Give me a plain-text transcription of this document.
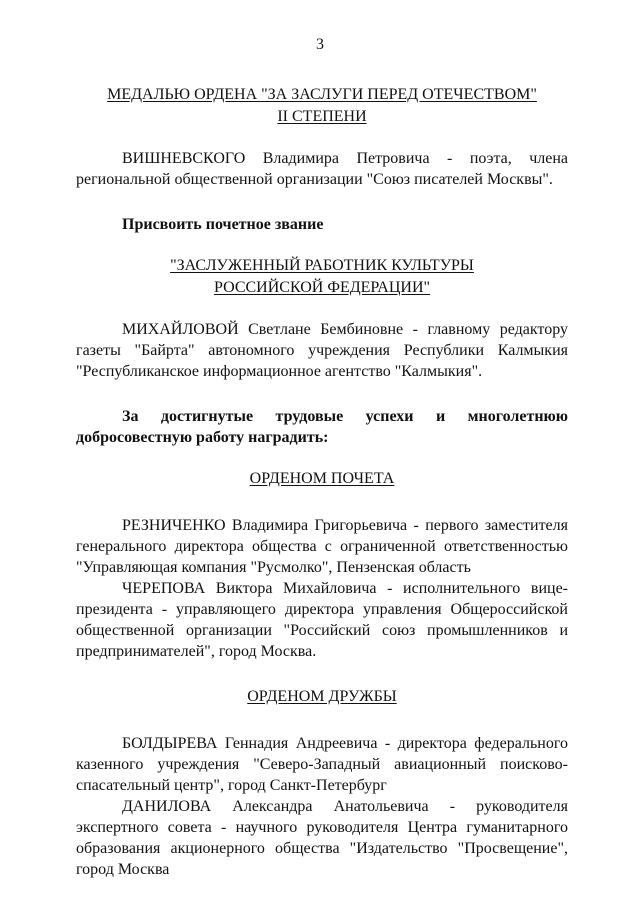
3
МЕДАЛЬЮ ОРДЕНА "ЗА ЗАСЛУГИ ПЕРЕД ОТЕЧЕСТВОМ"
II СТЕПЕНИ

ВИШНЕВСКОГО Владимира Петровича - поэта, члена региональной общественной организации "Союз писателей Москвы".

Присвоить почетное звание

"ЗАСЛУЖЕННЫЙ РАБОТНИК КУЛЬТУРЫ
РОССИЙСКОЙ ФЕДЕРАЦИИ"

МИХАЙЛОВОЙ Светлане Бембиновне - главному редактору газеты "Байрта" автономного учреждения Республики Калмыкия "Республиканское информационное агентство "Калмыкия".

За достигнутые трудовые успехи и многолетнюю

добросовестную работу наградить:

ОРДЕНОМ ПОЧЕТА

РЕЗНИЧЕНКО Владимира Григорьевича - первого заместителя генерального директора общества с ограниченной ответственностью "Управляющая компания "Русмолко", Пензенская область

ЧЕРЕПОВА Виктора Михайловича - исполнительного вице-президента - управляющего директора управления Общероссийской общественной организации "Российский союз промышленников и предпринимателей", город Москва.

ОРДЕНОМ ДРУЖБЫ

БОЛДЫРЕВА Геннадия Андреевича - директора федерального казенного учреждения "Северо-Западный авиационный поисково-спасательный центр", город Санкт-Петербург

ДАНИЛОВА Александра Анатольевича - руководителя экспертного совета - научного руководителя Центра гуманитарного образования акционерного общества "Издательство "Просвещение", город Москва
